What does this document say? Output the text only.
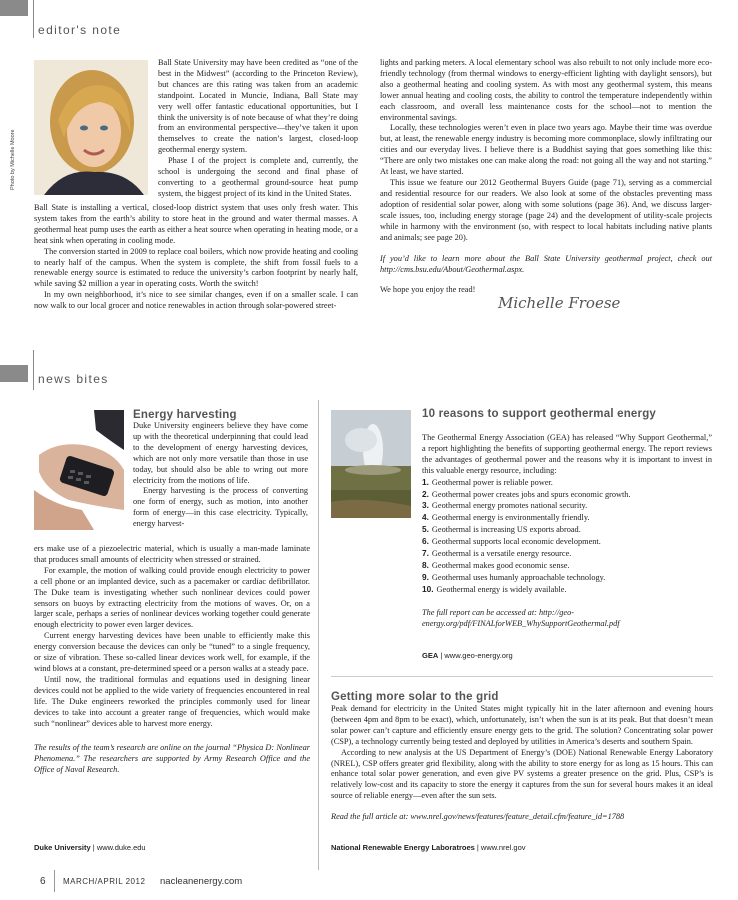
editor's note
Photo by Michelle Moore

Ball State University may have been credited as “one of the best in the Midwest” (according to the Princeton Review), but chances are this rating was taken from an academic standpoint. Located in Muncie, Indiana, Ball State may very well offer fantastic educational opportunities, but I think the university is of note because of what they’re doing from an environmental perspective—they’ve taken it upon themselves to create the nation’s largest, closed-loop geothermal energy system.

Phase I of the project is complete and, currently, the school is undergoing the second and final phase of converting to a geothermal ground-source heat pump system, the biggest project of its kind in the United States.

Ball State is installing a vertical, closed-loop district system that uses only fresh water. This system takes from the earth’s ability to store heat in the ground and water thermal masses. A geothermal heat pump uses the earth as either a heat source when operating in heating mode, or a heat sink when operating in cooling mode.

The conversion started in 2009 to replace coal boilers, which now provide heating and cooling to nearly half of the campus. When the system is complete, the shift from fossil fuels to a renewable energy source is estimated to reduce the university’s carbon footprint by nearly half, while saving $2 million a year in operating costs. Worth the switch!

In my own neighborhood, it’s nice to see similar changes, even if on a smaller scale. I can now walk to our local grocer and notice renewables in action through solar-powered street-

lights and parking meters. A local elementary school was also rebuilt to not only include more eco-friendly technology (from thermal windows to energy-efficient lighting with daylight sensors), but also a geothermal heating and cooling system. As with most any geothermal system, this means lower annual heating and cooling costs, the ability to control the temperature independently within each classroom, and overall less maintenance costs for the school—not to mention the environmental savings.

Locally, these technologies weren’t even in place two years ago. Maybe their time was overdue but, at least, the renewable energy industry is becoming more commonplace, slowly infiltrating our cities and our everyday lives. I believe there is a Buddhist saying that goes something like this: “There are only two mistakes one can make along the road: not going all the way and not starting.” At least, we have started.

This issue we feature our 2012 Geothermal Buyers Guide (page 71), serving as a commercial and residential resource for our readers. We also look at some of the obstacles preventing mass adoption of residential solar power, along with some solutions (page 36). And, we discuss larger-scale issues, too, including energy storage (page 24) and the development of utility-scale projects while in harmony with the environment (so, with respect to local habitats including native plants and animals; see page 20).

If you’d like to learn more about the Ball State University geothermal project, check out http://cms.bsu.edu/About/Geothermal.aspx.

We hope you enjoy the read!

Michelle Froese
news bites
Energy harvesting

Duke University engineers believe they have come up with the theoretical underpinning that could lead to the development of energy harvesting devices, which are not only more versatile than those in use today, but should also be able to wring out more electricity from the motions of life.

Energy harvesting is the process of converting one form of energy, such as motion, into another form of energy—in this case electricity. Typically, energy harvest-

ers make use of a piezoelectric material, which is usually a man-made laminate that produces small amounts of electricity when stressed or strained.

For example, the motion of walking could provide enough electricity to power a cell phone or an implanted device, such as a pacemaker or cardiac defibrillator. The Duke team is investigating whether such nonlinear devices could power sensors on buoys by extracting electricity from the motions of waves. Or, on a larger scale, perhaps a series of nonlinear devices working together could generate enough electricity to power even larger devices.

Current energy harvesting devices have been unable to efficiently make this energy conversion because the devices can only be “tuned” to a single frequency, or size of vibration. These so-called linear devices work well, for example, if the wind blows at a constant, pre-determined speed or a person walks at a steady pace.

Until now, the traditional formulas and equations used in designing linear devices could not be applied to the wide variety of frequencies encountered in real life. The Duke engineers reworked the principles commonly used for linear devices to take into account a greater range of frequencies, which would make such “nonlinear” devices able to harvest more energy.

The results of the team’s research are online on the journal “Physica D: Nonlinear Phenomena.” The researchers are supported by Army Research Office and the Office of Naval Research.

Duke University | www.duke.edu
10 reasons to support geothermal energy

The Geothermal Energy Association (GEA) has released “Why Support Geothermal,” a report highlighting the benefits of supporting geothermal energy. The report reviews the advantages of geothermal power and the reasons why it is important to invest in this valuable energy resource, including:

1. Geothermal power is reliable power.
2. Geothermal power creates jobs and spurs economic growth.
3. Geothermal energy promotes national security.
4. Geothermal energy is environmentally friendly.
5. Geothermal is increasing US exports abroad.
6. Geothermal supports local economic development.
7. Geothermal is a versatile energy resource.
8. Geothermal makes good economic sense.
9. Geothermal uses humanly approachable technology.
10. Geothermal energy is widely available.

The full report can be accessed at: http://geo-energy.org/pdf/FINALforWEB_WhySupportGeothermal.pdf

GEA | www.geo-energy.org
Getting more solar to the grid

Peak demand for electricity in the United States might typically hit in the later afternoon and evening hours (between 4pm and 8pm to be exact), which, unfortunately, isn’t when the sun is at its peak. But that doesn’t mean solar power can’t capture and efficiently ensure energy gets to the grid. The solution? Concentrating solar power (CSP), a technology currently being tested and deployed by utilities in America’s deserts and southern Spain.

According to new analysis at the US Department of Energy’s (DOE) National Renewable Energy Laboratory (NREL), CSP offers greater grid flexibility, along with the ability to store energy for as long as 15 hours. This can enhance total solar power generation, and even give PV systems a greater presence on the grid. Plus, CSP’s is relatively low-cost and its capacity to store the energy it captures from the sun for several hours makes it an ideal source of reliable energy—even after the sun sets.

Read the full article at: www.nrel.gov/news/features/feature_detail.cfm/feature_id=1788

National Renewable Energy Laboratroes | www.nrel.gov
6 MARCH/APRIL 2012 nacleanenergy.com
